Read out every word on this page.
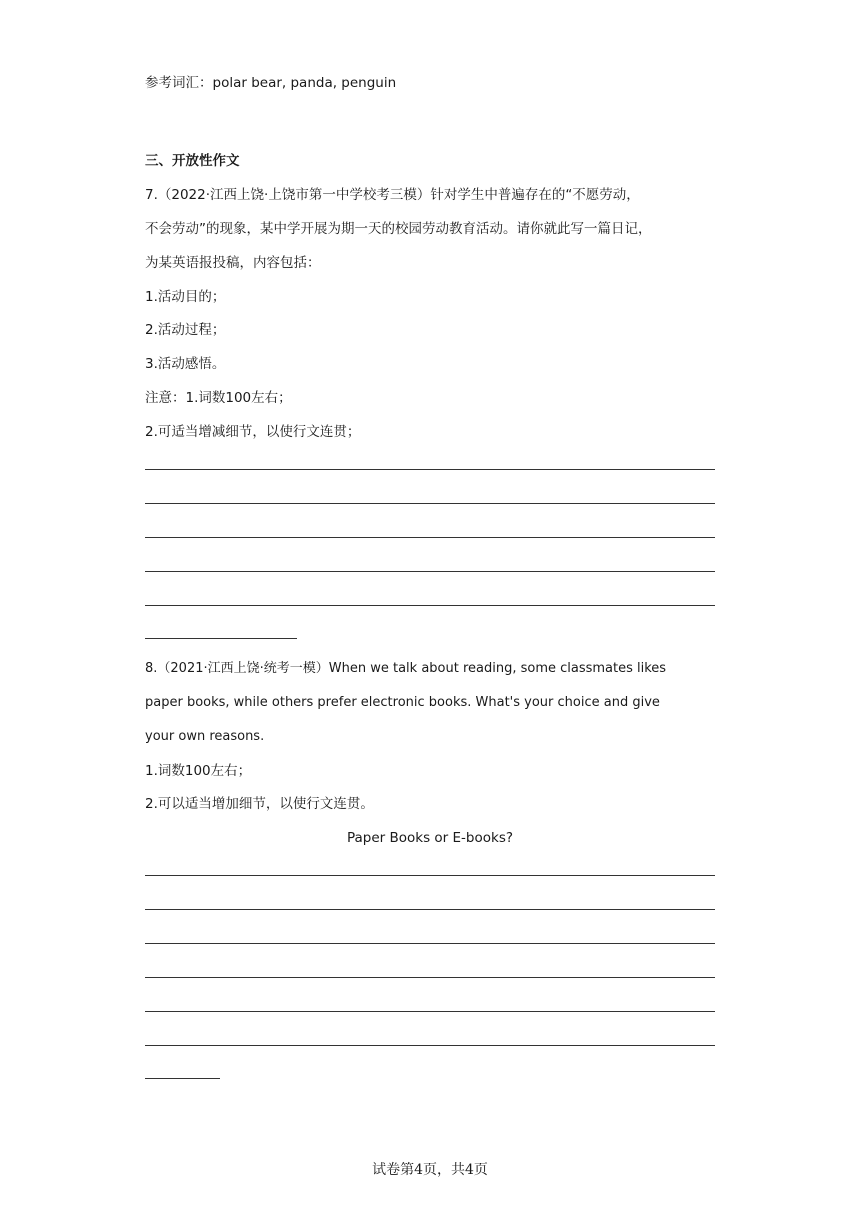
参考词汇：polar bear, panda, penguin
三、开放性作文
7.（2022·江西上饶·上饶市第一中学校考三模）针对学生中普遍存在的“不愿劳动，
不会劳动”的现象，某中学开展为期一天的校园劳动教育活动。请你就此写一篇日记，
为某英语报投稿，内容包括：
1.活动目的；
2.活动过程；
3.活动感悟。
注意：1.词数100左右；
2.可适当增减细节，以使行文连贯；
8.（2021·江西上饶·统考一模）When we talk about reading, some classmates likes
paper books, while others prefer electronic books. What's your choice and give
your own reasons.
1.词数100左右；
2.可以适当增加细节，以使行文连贯。
Paper Books or E-books?
试卷第4页，共4页
